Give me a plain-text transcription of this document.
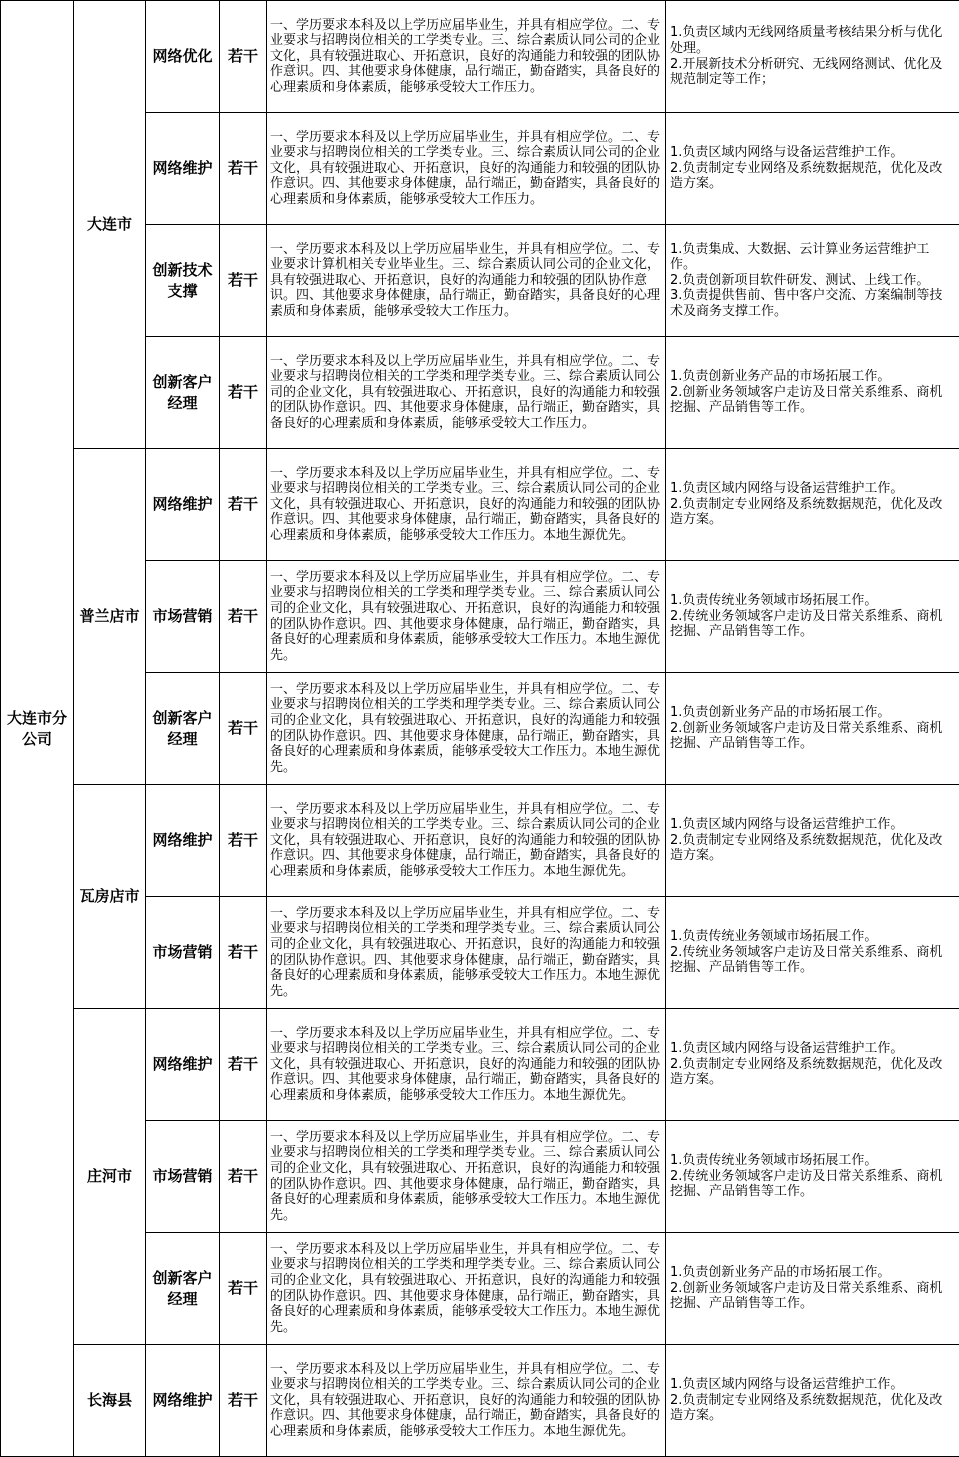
大连市分公司	大连市	网络优化	若干	一、学历要求本科及以上学历应届毕业生，并具有相应学位。二、专业要求与招聘岗位相关的工学类专业。三、综合素质认同公司的企业文化，具有较强进取心、开拓意识，良好的沟通能力和较强的团队协作意识。四、其他要求身体健康，品行端正，勤奋踏实，具备良好的心理素质和身体素质，能够承受较大工作压力。	1.负责区域内无线网络质量考核结果分析与优化处理。
2.开展新技术分析研究、无线网络测试、优化及规范制定等工作；

		网络维护	若干	一、学历要求本科及以上学历应届毕业生，并具有相应学位。二、专业要求与招聘岗位相关的工学类专业。三、综合素质认同公司的企业文化，具有较强进取心、开拓意识，良好的沟通能力和较强的团队协作意识。四、其他要求身体健康，品行端正，勤奋踏实，具备良好的心理素质和身体素质，能够承受较大工作压力。	1.负责区域内网络与设备运营维护工作。
2.负责制定专业网络及系统数据规范，优化及改造方案。

		创新技术支撑	若干	一、学历要求本科及以上学历应届毕业生，并具有相应学位。二、专业要求计算机相关专业毕业生。三、综合素质认同公司的企业文化，具有较强进取心、开拓意识，良好的沟通能力和较强的团队协作意识。四、其他要求身体健康，品行端正，勤奋踏实，具备良好的心理素质和身体素质，能够承受较大工作压力。	1.负责集成、大数据、云计算业务运营维护工作。
2.负责创新项目软件研发、测试、上线工作。
3.负责提供售前、售中客户交流、方案编制等技术及商务支撑工作。

		创新客户经理	若干	一、学历要求本科及以上学历应届毕业生，并具有相应学位。二、专业要求与招聘岗位相关的工学类和理学类专业。三、综合素质认同公司的企业文化，具有较强进取心、开拓意识，良好的沟通能力和较强的团队协作意识。四、其他要求身体健康，品行端正，勤奋踏实，具备良好的心理素质和身体素质，能够承受较大工作压力。	1.负责创新业务产品的市场拓展工作。
2.创新业务领域客户走访及日常关系维系、商机挖掘、产品销售等工作。

	普兰店市	网络维护	若干	一、学历要求本科及以上学历应届毕业生，并具有相应学位。二、专业要求与招聘岗位相关的工学类专业。三、综合素质认同公司的企业文化，具有较强进取心、开拓意识，良好的沟通能力和较强的团队协作意识。四、其他要求身体健康，品行端正，勤奋踏实，具备良好的心理素质和身体素质，能够承受较大工作压力。本地生源优先。	1.负责区域内网络与设备运营维护工作。
2.负责制定专业网络及系统数据规范，优化及改造方案。

		市场营销	若干	一、学历要求本科及以上学历应届毕业生，并具有相应学位。二、专业要求与招聘岗位相关的工学类和理学类专业。三、综合素质认同公司的企业文化，具有较强进取心、开拓意识，良好的沟通能力和较强的团队协作意识。四、其他要求身体健康，品行端正，勤奋踏实，具备良好的心理素质和身体素质，能够承受较大工作压力。本地生源优先。	1.负责传统业务领域市场拓展工作。
2.传统业务领域客户走访及日常关系维系、商机挖掘、产品销售等工作。

		创新客户经理	若干	一、学历要求本科及以上学历应届毕业生，并具有相应学位。二、专业要求与招聘岗位相关的工学类和理学类专业。三、综合素质认同公司的企业文化，具有较强进取心、开拓意识，良好的沟通能力和较强的团队协作意识。四、其他要求身体健康，品行端正，勤奋踏实，具备良好的心理素质和身体素质，能够承受较大工作压力。本地生源优先。	1.负责创新业务产品的市场拓展工作。
2.创新业务领域客户走访及日常关系维系、商机挖掘、产品销售等工作。

	瓦房店市	网络维护	若干	一、学历要求本科及以上学历应届毕业生，并具有相应学位。二、专业要求与招聘岗位相关的工学类专业。三、综合素质认同公司的企业文化，具有较强进取心、开拓意识，良好的沟通能力和较强的团队协作意识。四、其他要求身体健康，品行端正，勤奋踏实，具备良好的心理素质和身体素质，能够承受较大工作压力。本地生源优先。	1.负责区域内网络与设备运营维护工作。
2.负责制定专业网络及系统数据规范，优化及改造方案。

		市场营销	若干	一、学历要求本科及以上学历应届毕业生，并具有相应学位。二、专业要求与招聘岗位相关的工学类和理学类专业。三、综合素质认同公司的企业文化，具有较强进取心、开拓意识，良好的沟通能力和较强的团队协作意识。四、其他要求身体健康，品行端正，勤奋踏实，具备良好的心理素质和身体素质，能够承受较大工作压力。本地生源优先。	1.负责传统业务领域市场拓展工作。
2.传统业务领域客户走访及日常关系维系、商机挖掘、产品销售等工作。

	庄河市	网络维护	若干	一、学历要求本科及以上学历应届毕业生，并具有相应学位。二、专业要求与招聘岗位相关的工学类专业。三、综合素质认同公司的企业文化，具有较强进取心、开拓意识，良好的沟通能力和较强的团队协作意识。四、其他要求身体健康，品行端正，勤奋踏实，具备良好的心理素质和身体素质，能够承受较大工作压力。本地生源优先。	1.负责区域内网络与设备运营维护工作。
2.负责制定专业网络及系统数据规范，优化及改造方案。

		市场营销	若干	一、学历要求本科及以上学历应届毕业生，并具有相应学位。二、专业要求与招聘岗位相关的工学类和理学类专业。三、综合素质认同公司的企业文化，具有较强进取心、开拓意识，良好的沟通能力和较强的团队协作意识。四、其他要求身体健康，品行端正，勤奋踏实，具备良好的心理素质和身体素质，能够承受较大工作压力。本地生源优先。	1.负责传统业务领域市场拓展工作。
2.传统业务领域客户走访及日常关系维系、商机挖掘、产品销售等工作。

		创新客户经理	若干	一、学历要求本科及以上学历应届毕业生，并具有相应学位。二、专业要求与招聘岗位相关的工学类和理学类专业。三、综合素质认同公司的企业文化，具有较强进取心、开拓意识，良好的沟通能力和较强的团队协作意识。四、其他要求身体健康，品行端正，勤奋踏实，具备良好的心理素质和身体素质，能够承受较大工作压力。本地生源优先。	1.负责创新业务产品的市场拓展工作。
2.创新业务领域客户走访及日常关系维系、商机挖掘、产品销售等工作。

	长海县	网络维护	若干	一、学历要求本科及以上学历应届毕业生，并具有相应学位。二、专业要求与招聘岗位相关的工学类专业。三、综合素质认同公司的企业文化，具有较强进取心、开拓意识，良好的沟通能力和较强的团队协作意识。四、其他要求身体健康，品行端正，勤奋踏实，具备良好的心理素质和身体素质，能够承受较大工作压力。本地生源优先。	1.负责区域内网络与设备运营维护工作。
2.负责制定专业网络及系统数据规范，优化及改造方案。
